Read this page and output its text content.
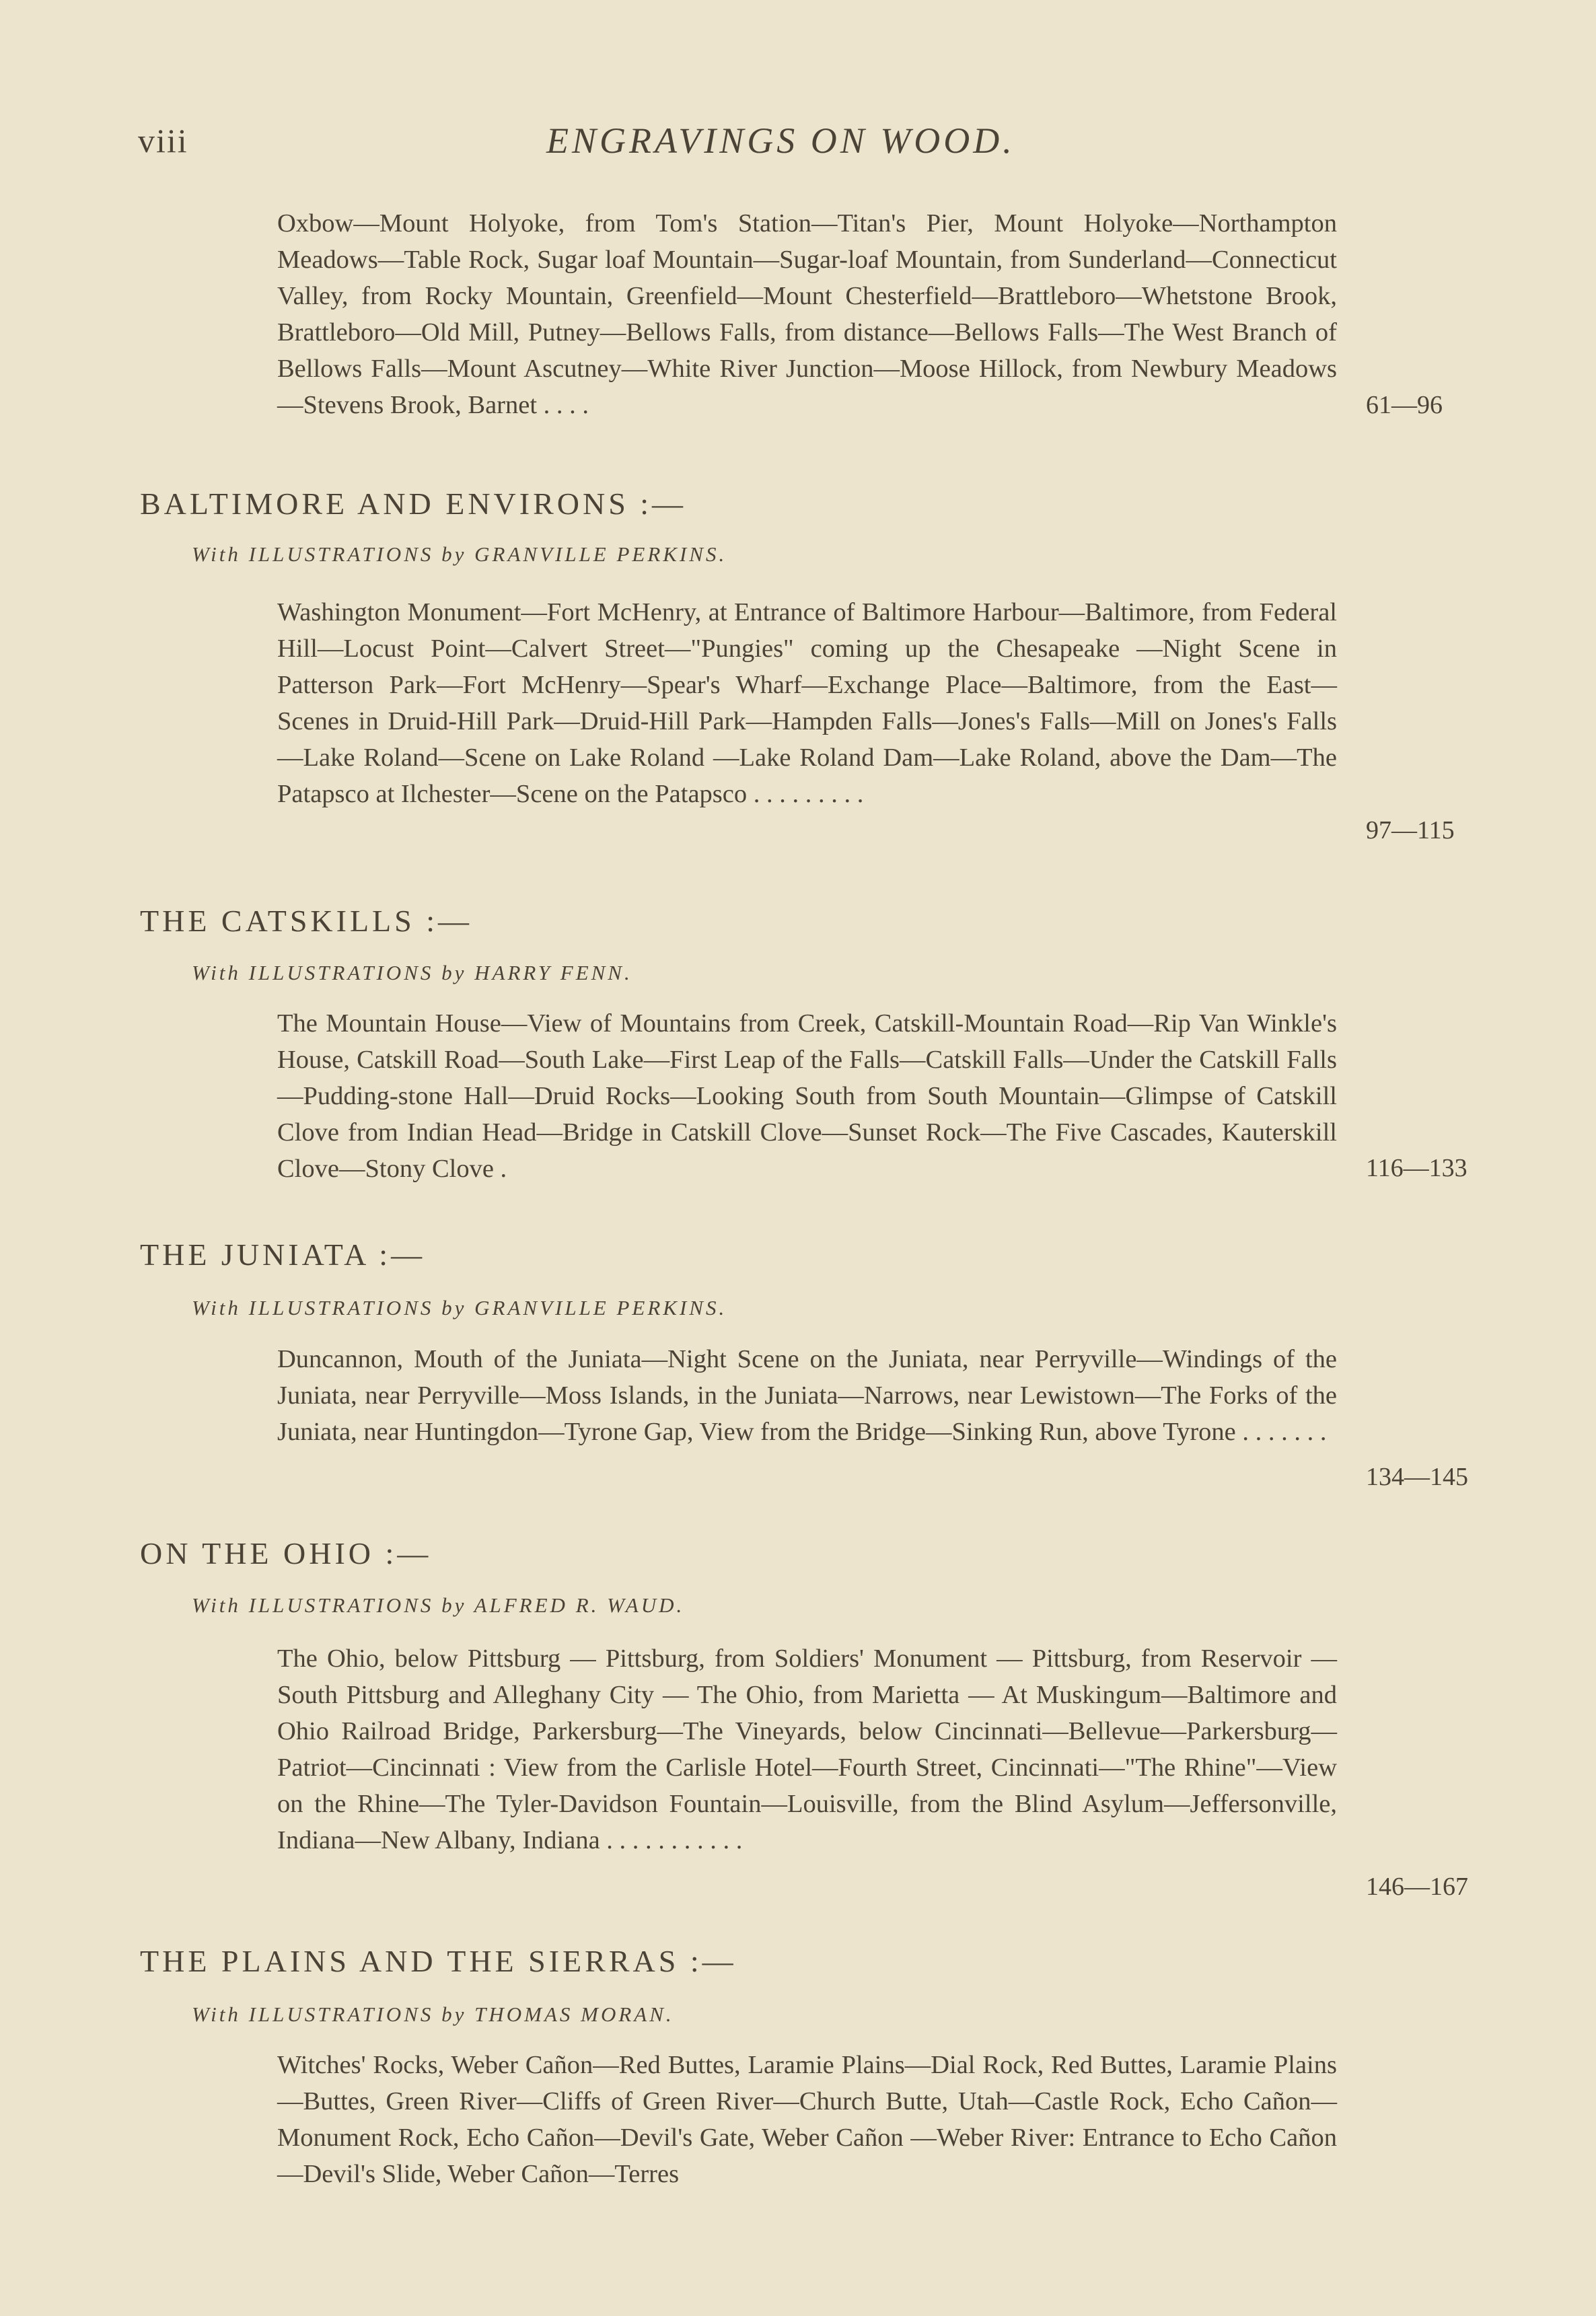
viii	ENGRAVINGS ON WOOD.
Oxbow—Mount Holyoke, from Tom's Station—Titan's Pier, Mount Holyoke—Northampton Meadows—Table Rock, Sugar loaf Mountain—Sugar-loaf Mountain, from Sunderland—Connecticut Valley, from Rocky Mountain, Greenfield—Mount Chesterfield—Brattleboro—Whetstone Brook, Brattleboro—Old Mill, Putney—Bellows Falls, from distance—Bellows Falls—The West Branch of Bellows Falls—Mount Ascutney—White River Junction—Moose Hillock, from Newbury Meadows—Stevens Brook, Barnet . . . .	61—96
BALTIMORE AND ENVIRONS :—
With ILLUSTRATIONS by GRANVILLE PERKINS.
Washington Monument—Fort McHenry, at Entrance of Baltimore Harbour—Baltimore, from Federal Hill—Locust Point—Calvert Street—"Pungies" coming up the Chesapeake —Night Scene in Patterson Park—Fort McHenry—Spear's Wharf—Exchange Place—Baltimore, from the East—Scenes in Druid-Hill Park—Druid-Hill Park—Hampden Falls—Jones's Falls—Mill on Jones's Falls—Lake Roland—Scene on Lake Roland —Lake Roland Dam—Lake Roland, above the Dam—The Patapsco at Ilchester—Scene on the Patapsco . . . . . . . . .
97—115
THE CATSKILLS :—
With ILLUSTRATIONS by HARRY FENN.
The Mountain House—View of Mountains from Creek, Catskill-Mountain Road—Rip Van Winkle's House, Catskill Road—South Lake—First Leap of the Falls—Catskill Falls—Under the Catskill Falls—Pudding-stone Hall—Druid Rocks—Looking South from South Mountain—Glimpse of Catskill Clove from Indian Head—Bridge in Catskill Clove—Sunset Rock—The Five Cascades, Kauterskill Clove—Stony Clove .	116—133
THE JUNIATA :—
With ILLUSTRATIONS by GRANVILLE PERKINS.
Duncannon, Mouth of the Juniata—Night Scene on the Juniata, near Perryville—Windings of the Juniata, near Perryville—Moss Islands, in the Juniata—Narrows, near Lewistown—The Forks of the Juniata, near Huntingdon—Tyrone Gap, View from the Bridge—Sinking Run, above Tyrone . . . . . . .
134—145
ON THE OHIO :—
With ILLUSTRATIONS by ALFRED R. WAUD.
The Ohio, below Pittsburg — Pittsburg, from Soldiers' Monument — Pittsburg, from Reservoir — South Pittsburg and Alleghany City — The Ohio, from Marietta — At Muskingum—Baltimore and Ohio Railroad Bridge, Parkersburg—The Vineyards, below Cincinnati—Bellevue—Parkersburg—Patriot—Cincinnati : View from the Carlisle Hotel—Fourth Street, Cincinnati—"The Rhine"—View on the Rhine—The Tyler-Davidson Fountain—Louisville, from the Blind Asylum—Jeffersonville, Indiana—New Albany, Indiana . . . . . . . . . . .
146—167
THE PLAINS AND THE SIERRAS :—
With ILLUSTRATIONS by THOMAS MORAN.
Witches' Rocks, Weber Cañon—Red Buttes, Laramie Plains—Dial Rock, Red Buttes, Laramie Plains—Buttes, Green River—Cliffs of Green River—Church Butte, Utah—Castle Rock, Echo Cañon—Monument Rock, Echo Cañon—Devil's Gate, Weber Cañon —Weber River: Entrance to Echo Cañon—Devil's Slide, Weber Cañon—Terres
